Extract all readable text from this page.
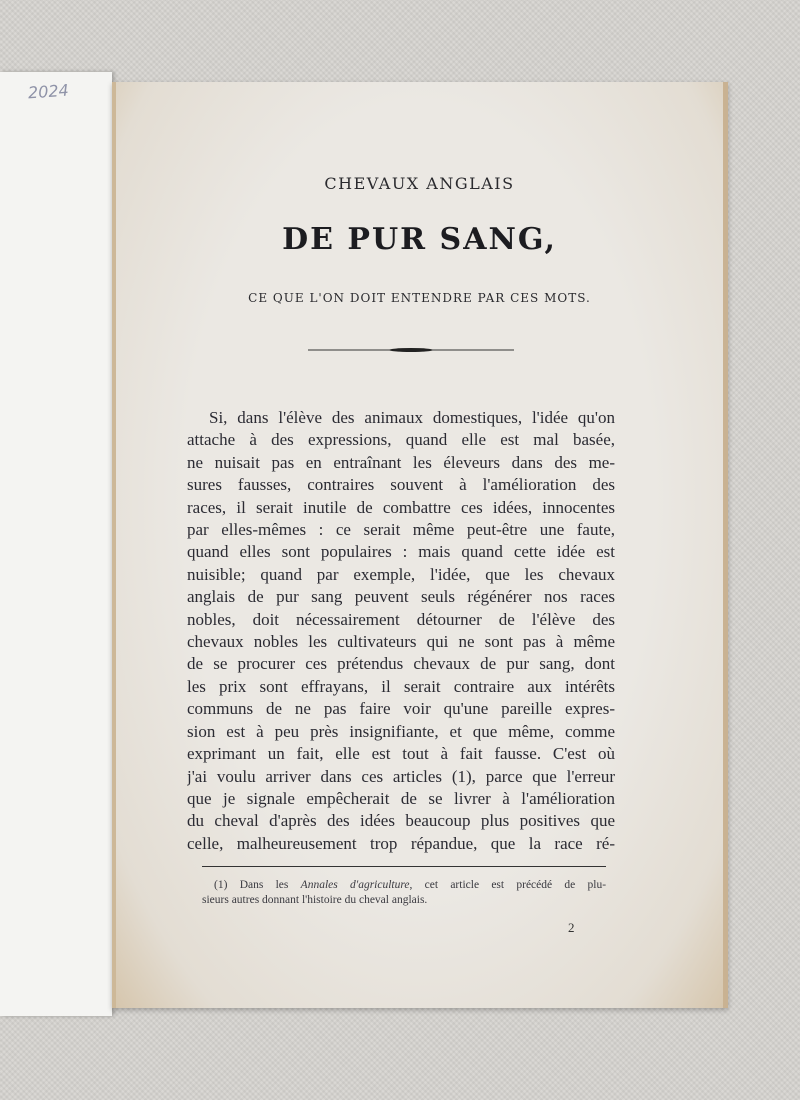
2024
CHEVAUX ANGLAIS
DE PUR SANG,
CE QUE L'ON DOIT ENTENDRE PAR CES MOTS.
Si, dans l'élève des animaux domestiques, l'idée qu'on
attache à des expressions, quand elle est mal basée,
ne nuisait pas en entraînant les éleveurs dans des me-
sures fausses, contraires souvent à l'amélioration des
races, il serait inutile de combattre ces idées, innocentes
par elles-mêmes : ce serait même peut-être une faute,
quand elles sont populaires : mais quand cette idée est
nuisible; quand par exemple, l'idée, que les chevaux
anglais de pur sang peuvent seuls régénérer nos races
nobles, doit nécessairement détourner de l'élève des
chevaux nobles les cultivateurs qui ne sont pas à même
de se procurer ces prétendus chevaux de pur sang, dont
les prix sont effrayans, il serait contraire aux intérêts
communs de ne pas faire voir qu'une pareille expres-
sion est à peu près insignifiante, et que même, comme
exprimant un fait, elle est tout à fait fausse. C'est où
j'ai voulu arriver dans ces articles (1), parce que l'erreur
que je signale empêcherait de se livrer à l'amélioration
du cheval d'après des idées beaucoup plus positives que
celle, malheureusement trop répandue, que la race ré-
(1) Dans les Annales d'agriculture, cet article est précédé de plu-
sieurs autres donnant l'histoire du cheval anglais.
2
